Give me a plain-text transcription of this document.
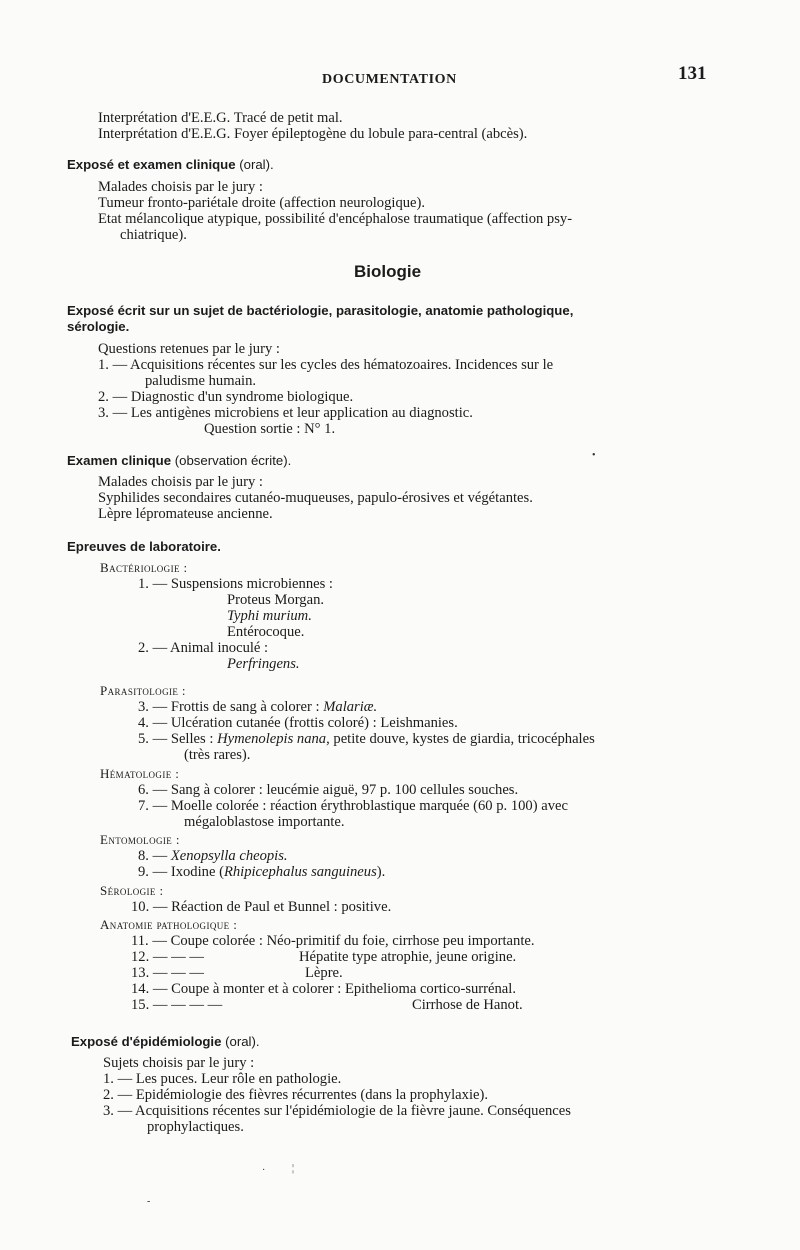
DOCUMENTATION	131
Interprétation d'E.E.G. Tracé de petit mal.
Interprétation d'E.E.G. Foyer épileptogène du lobule para-central (abcès).
Exposé et examen clinique (oral).
Malades choisis par le jury :
Tumeur fronto-pariétale droite (affection neurologique).
Etat mélancolique atypique, possibilité d'encéphalose traumatique (affection psy-
chiatrique).
Biologie
Exposé écrit sur un sujet de bactériologie, parasitologie, anatomie pathologique,
sérologie.
Questions retenues par le jury :
1. — Acquisitions récentes sur les cycles des hématozoaires. Incidences sur le
paludisme humain.
2. — Diagnostic d'un syndrome biologique.
3. — Les antigènes microbiens et leur application au diagnostic.
Question sortie : N° 1.
Examen clinique (observation écrite).
Malades choisis par le jury :
Syphilides secondaires cutanéo-muqueuses, papulo-érosives et végétantes.
Lèpre lépromateuse ancienne.
Epreuves de laboratoire.
Bactériologie :
1. — Suspensions microbiennes :
Proteus Morgan.
Typhi murium.
Entérocoque.
2. — Animal inoculé :
Perfringens.
Parasitologie :
3. — Frottis de sang à colorer : Malariæ.
4. — Ulcération cutanée (frottis coloré) : Leishmanies.
5. — Selles : Hymenolepis nana, petite douve, kystes de giardia, tricocéphales
(très rares).
Hématologie :
6. — Sang à colorer : leucémie aiguë, 97 p. 100 cellules souches.
7. — Moelle colorée : réaction érythroblastique marquée (60 p. 100) avec
mégaloblastose importante.
Entomologie :
8. — Xenopsylla cheopis.
9. — Ixodine (Rhipicephalus sanguineus).
Sérologie :
10. — Réaction de Paul et Bunnel : positive.
Anatomie pathologique :
11. — Coupe colorée : Néo-primitif du foie, cirrhose peu importante.
12. — — —	Hépatite type atrophie, jeune origine.
13. — — —	Lèpre.
14. — Coupe à monter et à colorer : Epithelioma cortico-surrénal.
15. — — — —	Cirrhose de Hanot.
Exposé d'épidémiologie (oral).
Sujets choisis par le jury :
1. — Les puces. Leur rôle en pathologie.
2. — Epidémiologie des fièvres récurrentes (dans la prophylaxie).
3. — Acquisitions récentes sur l'épidémiologie de la fièvre jaune. Conséquences
prophylactiques.
•
·	¦
-
